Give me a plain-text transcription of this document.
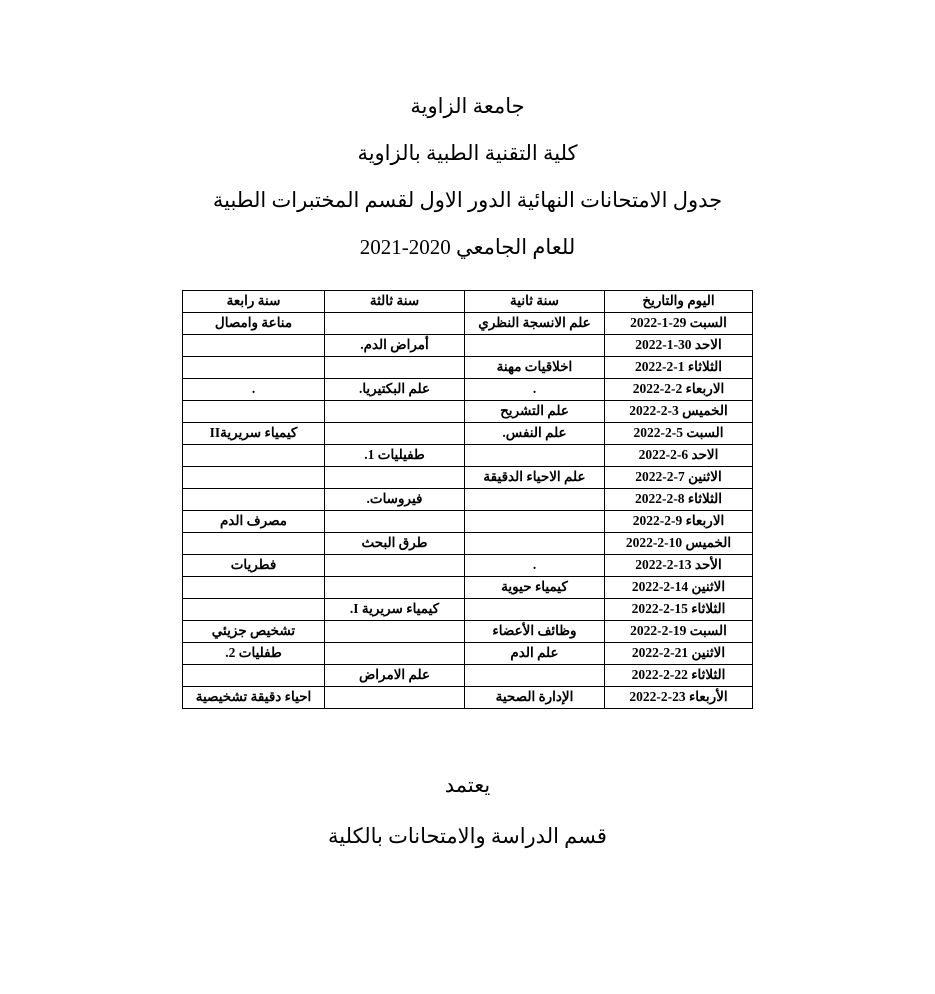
جامعة الزاوية
كلية التقنية الطبية بالزاوية
جدول الامتحانات النهائية الدور الاول لقسم المختبرات الطبية
للعام الجامعي 2020-2021
اليوم والتاريخ	سنة ثانية	سنة ثالثة	سنة رابعة
السبت 29-1-2022	علم الانسجة النظري		مناعة وامصال
الاحد 30-1-2022		أمراض الدم.	
الثلاثاء 1-2-2022	اخلاقيات مهنة		
الاربعاء 2-2-2022	.	علم البكتيريا.	.
الخميس 3-2-2022	علم التشريح		
السبت 5-2-2022	علم النفس.		كيمياء سريريةII
الاحد 6-2-2022		طفيليات 1.	
الاثنين 7-2-2022	علم الاحياء الدقيقة		
الثلاثاء 8-2-2022		فيروسات.	
الاربعاء 9-2-2022			مصرف الدم
الخميس 10-2-2022		طرق البحث	
الأحد 13-2-2022	.		فطريات
الاثنين 14-2-2022	كيمياء حيوية		
الثلاثاء 15-2-2022		كيمياء سريرية I.	
السبت 19-2-2022	وظائف الأعضاء		تشخيص جزيئي
الاثنين 21-2-2022	علم الدم		طفليات 2.
الثلاثاء 22-2-2022		علم الامراض	
الأربعاء 23-2-2022	الإدارة الصحية		احياء دقيقة تشخيصية
يعتمد
قسم الدراسة والامتحانات بالكلية
